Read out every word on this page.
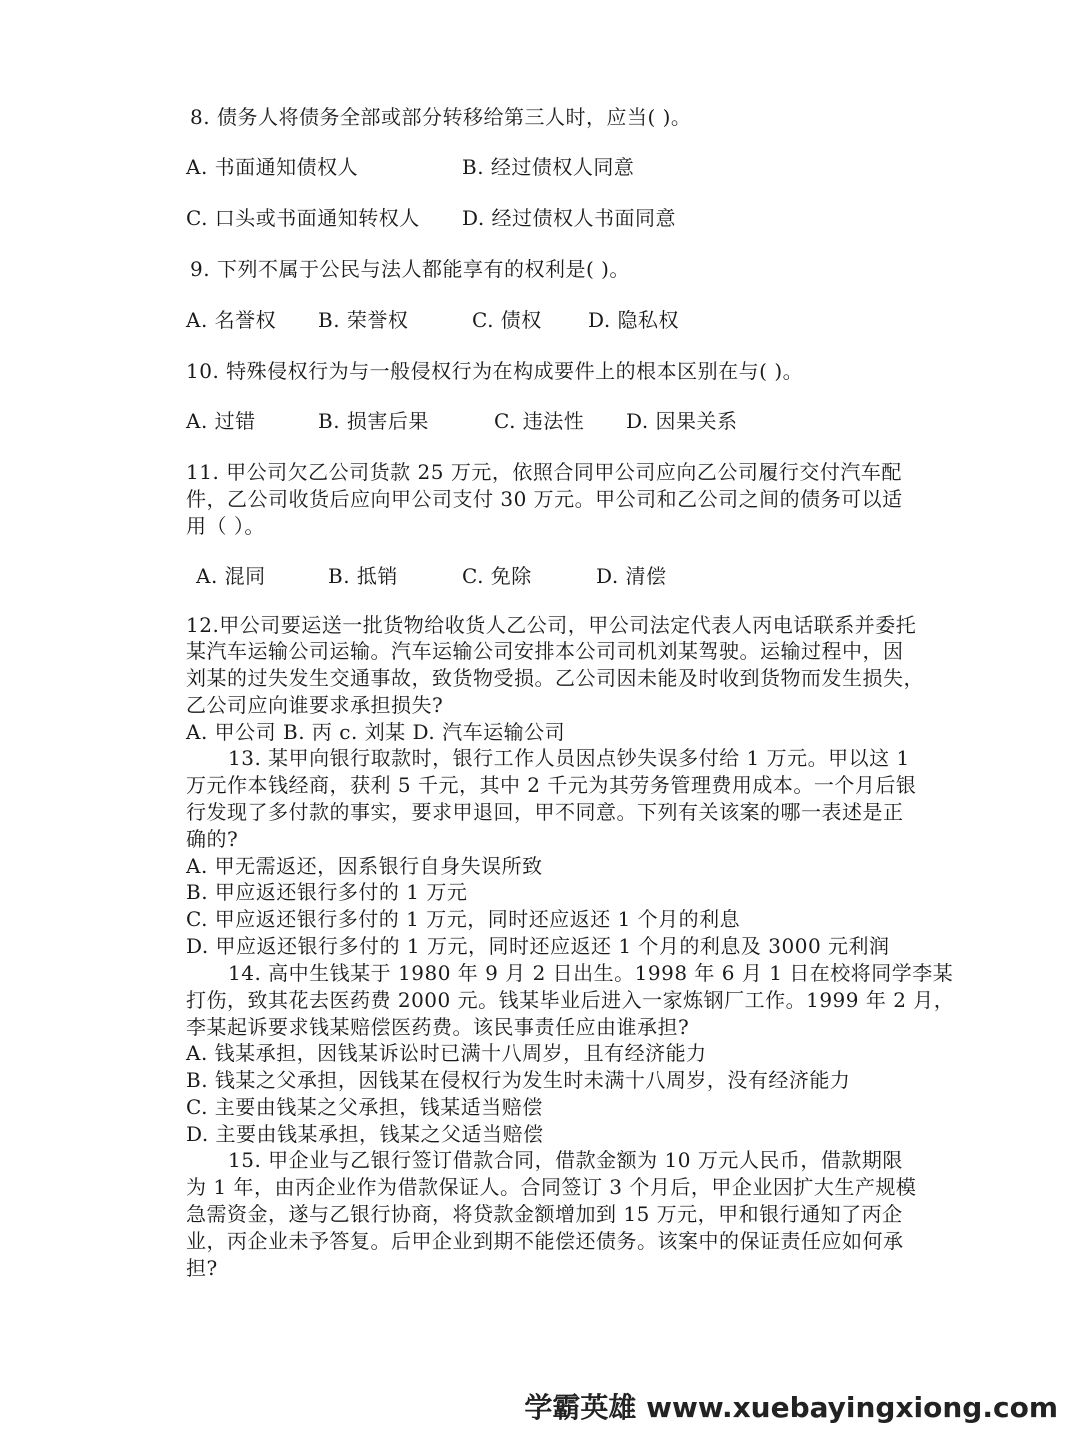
8. 债务人将债务全部或部分转移给第三人时，应当( )。
A. 书面通知债权人	B. 经过债权人同意
C. 口头或书面通知转权人 D. 经过债权人书面同意
9. 下列不属于公民与法人都能享有的权利是( )。
A. 名誉权 B. 荣誉权	C. 债权 D. 隐私权
10. 特殊侵权行为与一般侵权行为在构成要件上的根本区别在与( )。
A. 过错	B. 损害后果	C. 违法性 D. 因果关系
11. 甲公司欠乙公司货款 25 万元，依照合同甲公司应向乙公司履行交付汽车配
件，乙公司收货后应向甲公司支付 30 万元。甲公司和乙公司之间的债务可以适
用（ ）。
A. 混同	B. 抵销	C. 免除	D. 清偿
12.甲公司要运送一批货物给收货人乙公司，甲公司法定代表人丙电话联系并委托
某汽车运输公司运输。汽车运输公司安排本公司司机刘某驾驶。运输过程中，因
刘某的过失发生交通事故，致货物受损。乙公司因未能及时收到货物而发生损失，
乙公司应向谁要求承担损失?
A. 甲公司 B. 丙 c. 刘某 D. 汽车运输公司
13. 某甲向银行取款时，银行工作人员因点钞失误多付给 1 万元。甲以这 1
万元作本钱经商，获利 5 千元，其中 2 千元为其劳务管理费用成本。一个月后银
行发现了多付款的事实，要求甲退回，甲不同意。下列有关该案的哪一表述是正
确的?
A. 甲无需返还，因系银行自身失误所致
B. 甲应返还银行多付的 1 万元
C. 甲应返还银行多付的 1 万元，同时还应返还 1 个月的利息
D. 甲应返还银行多付的 1 万元，同时还应返还 1 个月的利息及 3000 元利润
14. 高中生钱某于 1980 年 9 月 2 日出生。1998 年 6 月 1 日在校将同学李某
打伤，致其花去医药费 2000 元。钱某毕业后进入一家炼钢厂工作。1999 年 2 月，
李某起诉要求钱某赔偿医药费。该民事责任应由谁承担?
A. 钱某承担，因钱某诉讼时已满十八周岁，且有经济能力
B. 钱某之父承担，因钱某在侵权行为发生时未满十八周岁，没有经济能力
C. 主要由钱某之父承担，钱某适当赔偿
D. 主要由钱某承担，钱某之父适当赔偿
15. 甲企业与乙银行签订借款合同，借款金额为 10 万元人民币，借款期限
为 1 年，由丙企业作为借款保证人。合同签订 3 个月后，甲企业因扩大生产规模
急需资金，遂与乙银行协商，将贷款金额增加到 15 万元，甲和银行通知了丙企
业，丙企业未予答复。后甲企业到期不能偿还债务。该案中的保证责任应如何承
担?
学霸英雄 www.xuebayingxiong.com
